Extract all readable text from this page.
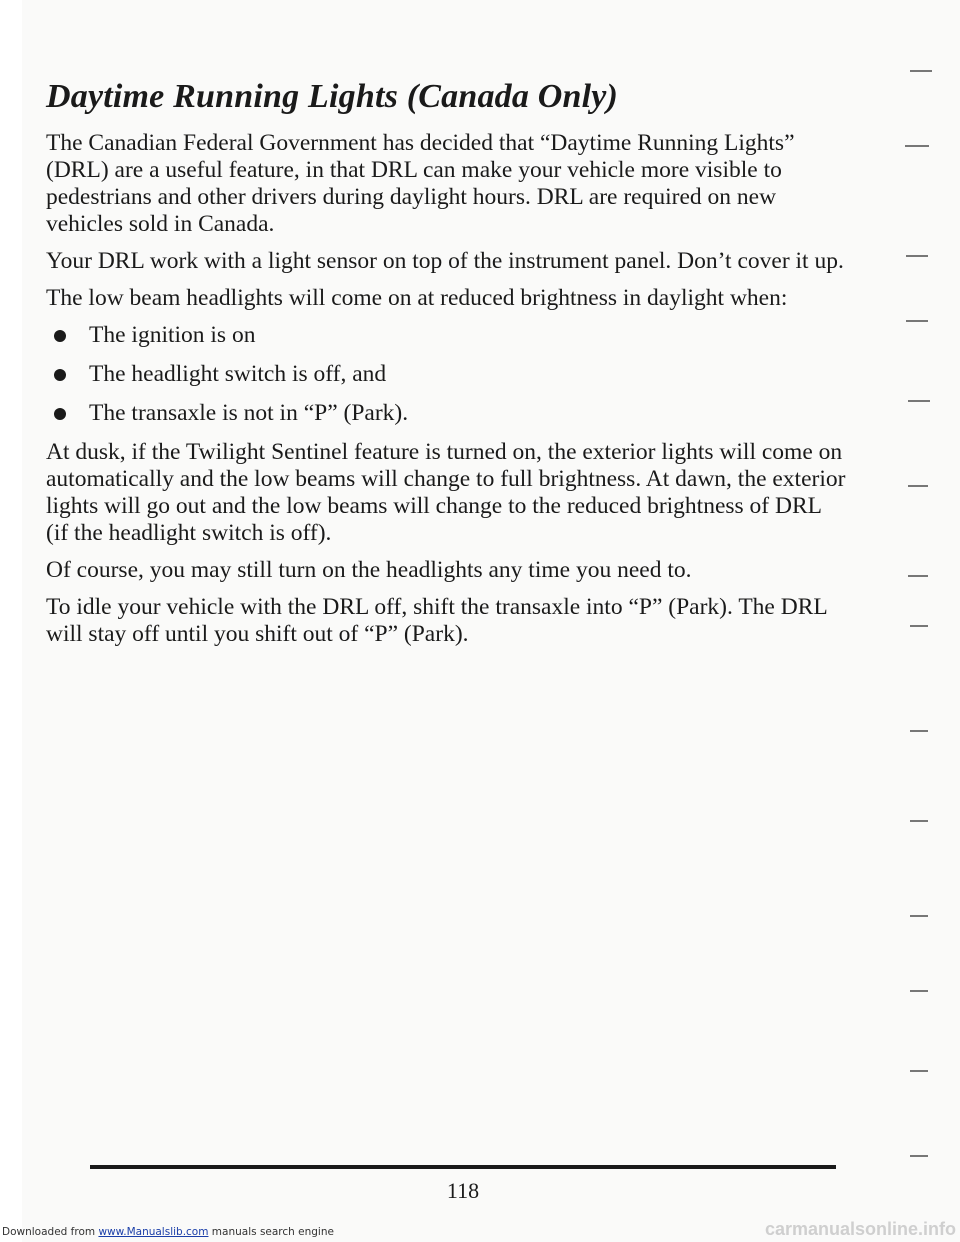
Daytime Running Lights (Canada Only)

The Canadian Federal Government has decided that “Daytime Running Lights” (DRL) are a useful feature, in that DRL can make your vehicle more visible to pedestrians and other drivers during daylight hours. DRL are required on new vehicles sold in Canada.

Your DRL work with a light sensor on top of the instrument panel. Don’t cover it up.

The low beam headlights will come on at reduced brightness in daylight when:

The ignition is on
The headlight switch is off, and
The transaxle is not in “P” (Park).

At dusk, if the Twilight Sentinel feature is turned on, the exterior lights will come on automatically and the low beams will change to full brightness. At dawn, the exterior lights will go out and the low beams will change to the reduced brightness of DRL (if the headlight switch is off).

Of course, you may still turn on the headlights any time you need to.

To idle your vehicle with the DRL off, shift the transaxle into “P” (Park). The DRL will stay off until you shift out of “P” (Park).

118
Downloaded from www.Manualslib.com manuals search engine	carmanualsonline.info
